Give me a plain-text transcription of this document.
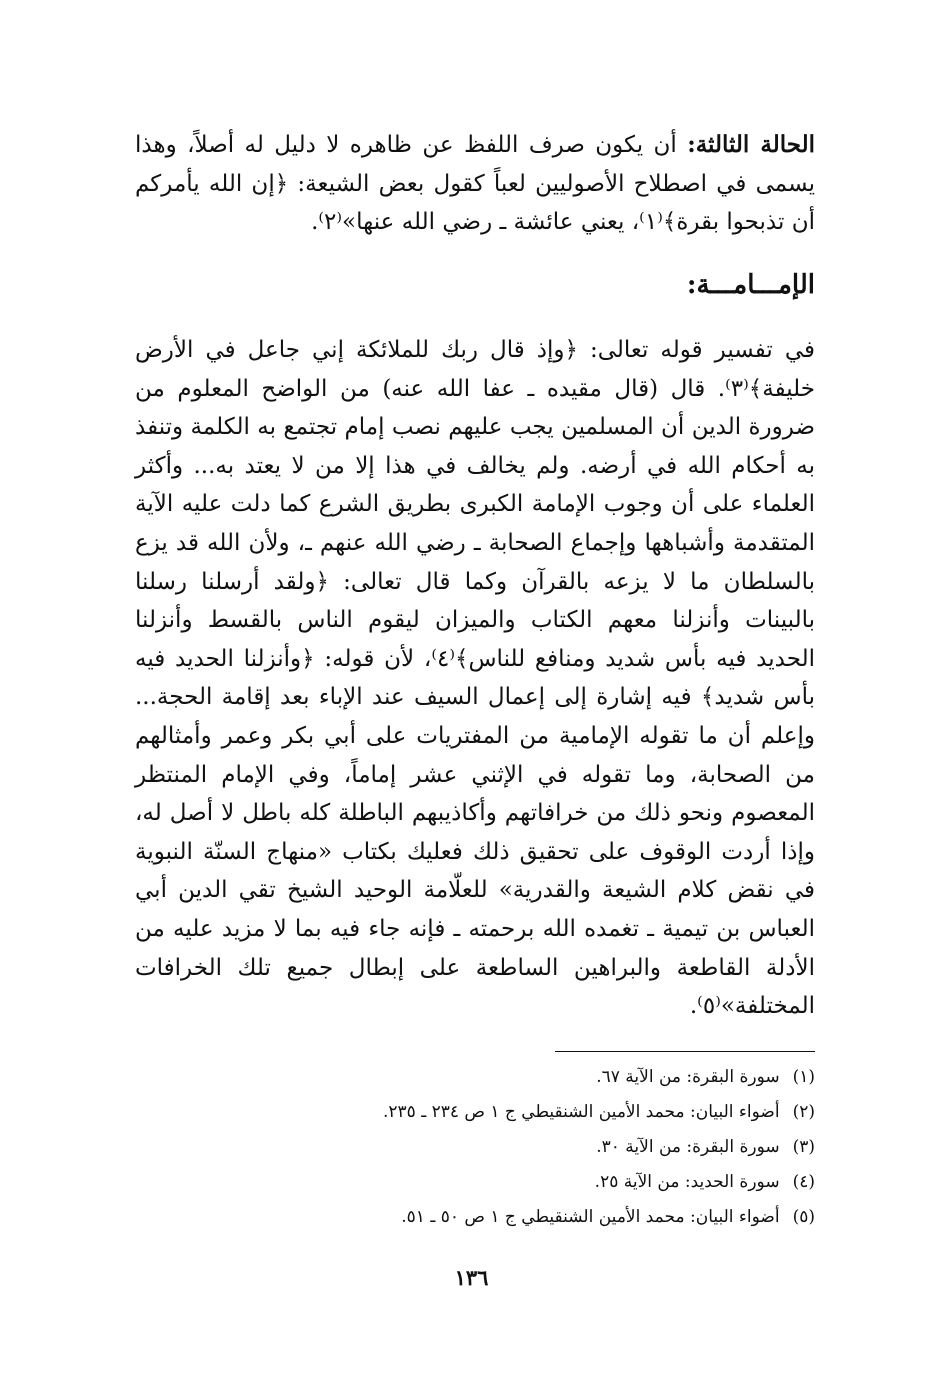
الحالة الثالثة: أن يكون صرف اللفظ عن ظاهره لا دليل له أصلاً، وهذا يسمى في اصطلاح الأصوليين لعباً كقول بعض الشيعة: ﴿إن الله يأمركم أن تذبحوا بقرة﴾⁽١⁾، يعني عائشة ـ رضي الله عنها»⁽٢⁾.

الإمـــامـــة:

في تفسير قوله تعالى: ﴿وإذ قال ربك للملائكة إني جاعل في الأرض خليفة﴾⁽٣⁾. قال (قال مقيده ـ عفا الله عنه) من الواضح المعلوم من ضرورة الدين أن المسلمين يجب عليهم نصب إمام تجتمع به الكلمة وتنفذ به أحكام الله في أرضه. ولم يخالف في هذا إلا من لا يعتد به... وأكثر العلماء على أن وجوب الإمامة الكبرى بطريق الشرع كما دلت عليه الآية المتقدمة وأشباهها وإجماع الصحابة ـ رضي الله عنهم ـ، ولأن الله قد يزع بالسلطان ما لا يزعه بالقرآن وكما قال تعالى: ﴿ولقد أرسلنا رسلنا بالبينات وأنزلنا معهم الكتاب والميزان ليقوم الناس بالقسط وأنزلنا الحديد فيه بأس شديد ومنافع للناس﴾⁽٤⁾، لأن قوله: ﴿وأنزلنا الحديد فيه بأس شديد﴾ فيه إشارة إلى إعمال السيف عند الإباء بعد إقامة الحجة... وإعلم أن ما تقوله الإمامية من المفتريات على أبي بكر وعمر وأمثالهم من الصحابة، وما تقوله في الإثني عشر إماماً، وفي الإمام المنتظر المعصوم ونحو ذلك من خرافاتهم وأكاذيبهم الباطلة كله باطل لا أصل له، وإذا أردت الوقوف على تحقيق ذلك فعليك بكتاب «منهاج السنّة النبوية في نقض كلام الشيعة والقدرية» للعلّامة الوحيد الشيخ تقي الدين أبي العباس بن تيمية ـ تغمده الله برحمته ـ فإنه جاء فيه بما لا مزيد عليه من الأدلة القاطعة والبراهين الساطعة على إبطال جميع تلك الخرافات المختلفة»⁽٥⁾.

(١) سورة البقرة: من الآية ٦٧.
(٢) أضواء البيان: محمد الأمين الشنقيطي ج ١ ص ٢٣٤ ـ ٢٣٥.
(٣) سورة البقرة: من الآية ٣٠.
(٤) سورة الحديد: من الآية ٢٥.
(٥) أضواء البيان: محمد الأمين الشنقيطي ج ١ ص ٥٠ ـ ٥١.
١٣٦
